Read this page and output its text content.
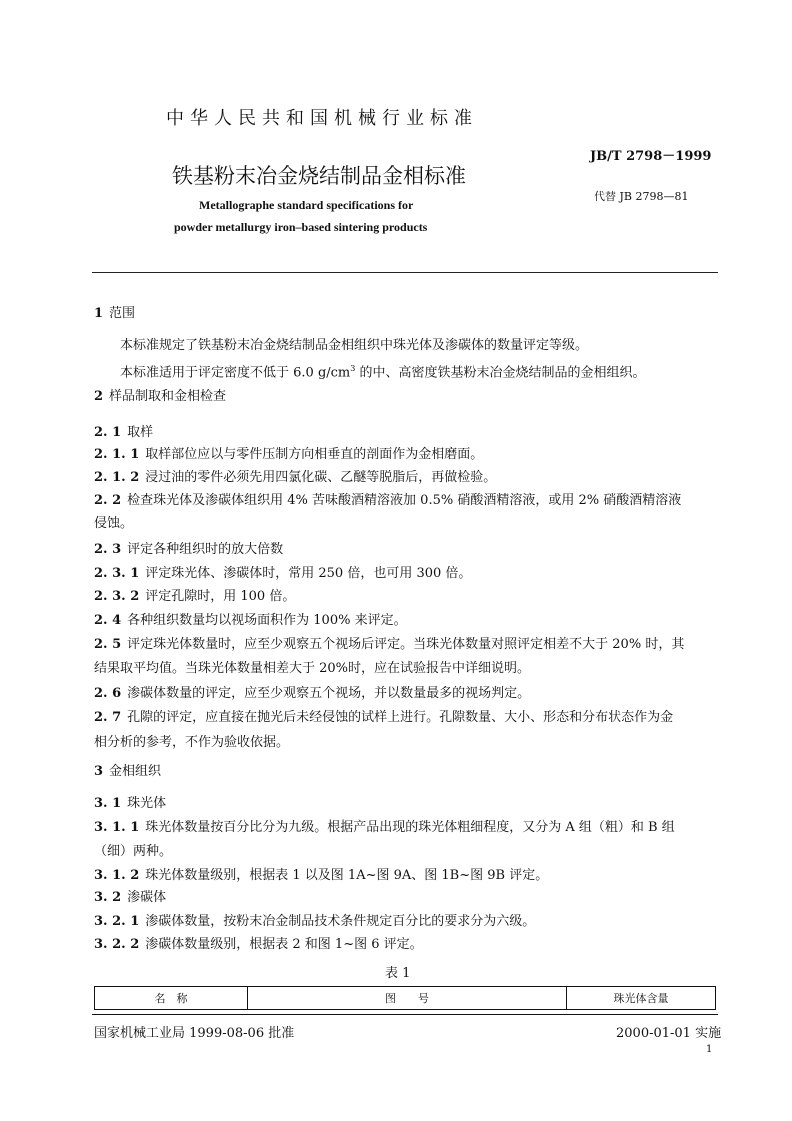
中华人民共和国机械行业标准
JB/T 2798－1999
铁基粉末冶金烧结制品金相标准
代替 JB 2798—81
Metallographe standard specifications for
powder metallurgy iron–based sintering products
1 范围
本标准规定了铁基粉末冶金烧结制品金相组织中珠光体及渗碳体的数量评定等级。
本标准适用于评定密度不低于 6.0 $g/cm^3$ 的中、高密度铁基粉末冶金烧结制品的金相组织。
2 样品制取和金相检查
2. 1 取样
2. 1. 1 取样部位应以与零件压制方向相垂直的剖面作为金相磨面。
2. 1. 2 浸过油的零件必须先用四氯化碳、乙醚等脱脂后，再做检验。
2. 2 检查珠光体及渗碳体组织用 4% 苦味酸酒精溶液加 0.5% 硝酸酒精溶液，或用 2% 硝酸酒精溶液
侵蚀。
2. 3 评定各种组织时的放大倍数
2. 3. 1 评定珠光体、渗碳体时，常用 250 倍，也可用 300 倍。
2. 3. 2 评定孔隙时，用 100 倍。
2. 4 各种组织数量均以视场面积作为 100% 来评定。
2. 5 评定珠光体数量时，应至少观察五个视场后评定。当珠光体数量对照评定相差不大于 20% 时，其
结果取平均值。当珠光体数量相差大于 20%时，应在试验报告中详细说明。
2. 6 渗碳体数量的评定，应至少观察五个视场，并以数量最多的视场判定。
2. 7 孔隙的评定，应直接在抛光后未经侵蚀的试样上进行。孔隙数量、大小、形态和分布状态作为金
相分析的参考，不作为验收依据。
3 金相组织
3. 1 珠光体
3. 1. 1 珠光体数量按百分比分为九级。根据产品出现的珠光体粗细程度，又分为 A 组（粗）和 B 组
（细）两种。
3. 1. 2 珠光体数量级别，根据表 1 以及图 1A~图 9A、图 1B~图 9B 评定。
3. 2 渗碳体
3. 2. 1 渗碳体数量，按粉末冶金制品技术条件规定百分比的要求分为六级。
3. 2. 2 渗碳体数量级别，根据表 2 和图 1~图 6 评定。
表 1
名　称	图　　号	珠光体含量
国家机械工业局 1999-08-06 批准	2000-01-01 实施
1
